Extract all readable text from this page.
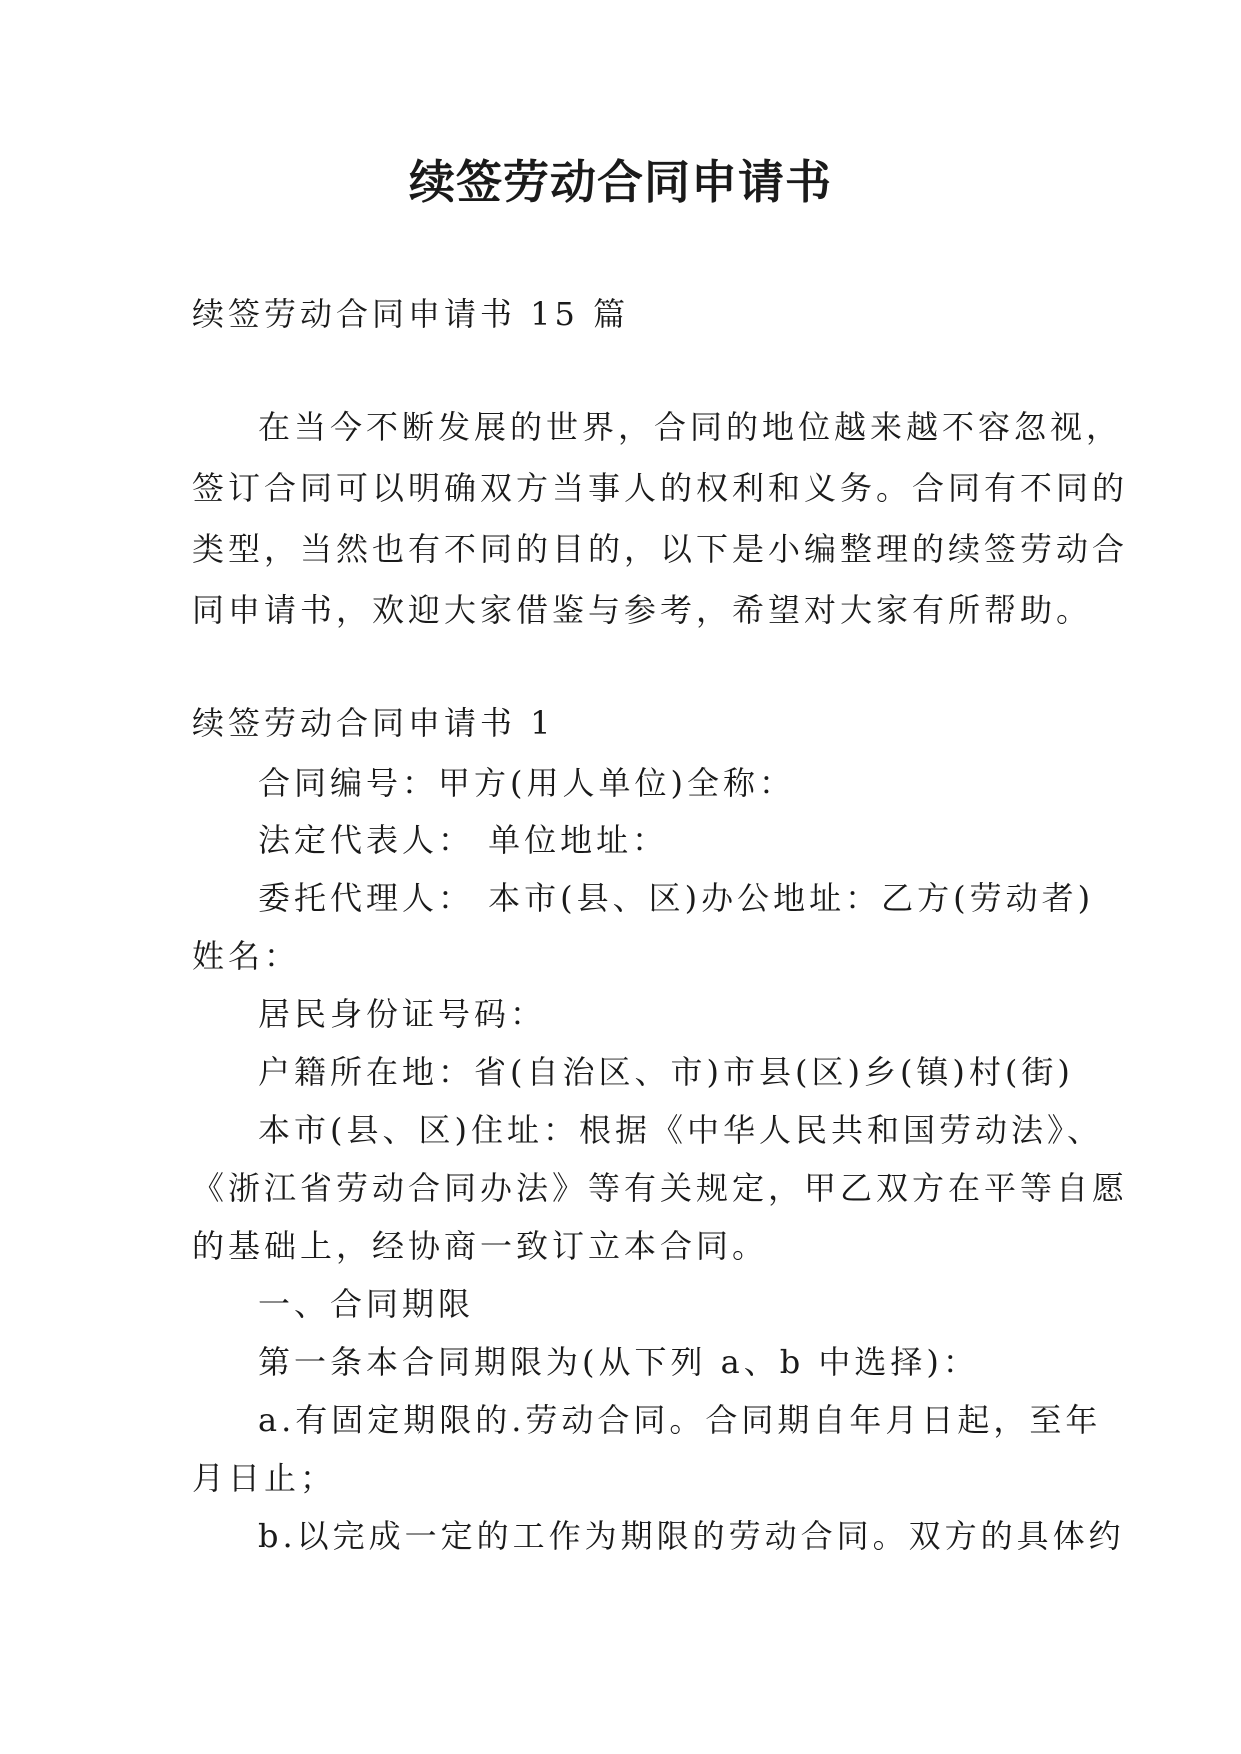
续签劳动合同申请书
续签劳动合同申请书 15 篇
在当今不断发展的世界，合同的地位越来越不容忽视，
签订合同可以明确双方当事人的权利和义务。合同有不同的
类型，当然也有不同的目的，以下是小编整理的续签劳动合
同申请书，欢迎大家借鉴与参考，希望对大家有所帮助。
续签劳动合同申请书 1
合同编号：甲方(用人单位)全称：
法定代表人： 单位地址：
委托代理人： 本市(县、区)办公地址：乙方(劳动者)
姓名：
居民身份证号码：
户籍所在地：省(自治区、市)市县(区)乡(镇)村(街)
本市(县、区)住址：根据《中华人民共和国劳动法》、
《浙江省劳动合同办法》等有关规定，甲乙双方在平等自愿
的基础上，经协商一致订立本合同。
一、合同期限
第一条本合同期限为(从下列 a、b 中选择)：
a.有固定期限的.劳动合同。合同期自年月日起，至年
月日止；
b.以完成一定的工作为期限的劳动合同。双方的具体约
